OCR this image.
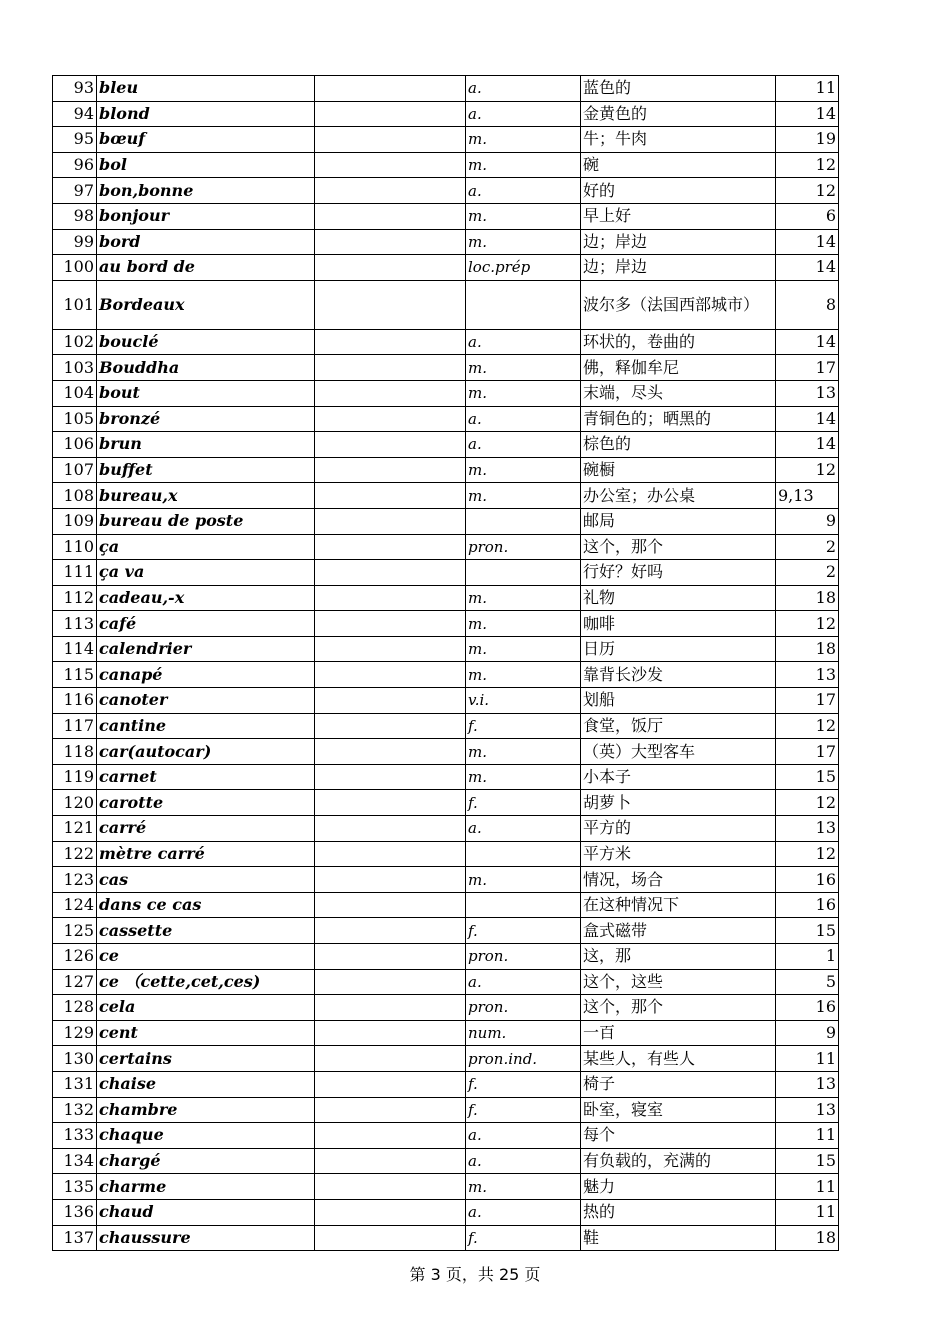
93	bleu		a.	蓝色的	11
94	blond		a.	金黄色的	14
95	bœuf		m.	牛；牛肉	19
96	bol		m.	碗	12
97	bon,bonne		a.	好的	12
98	bonjour		m.	早上好	6
99	bord		m.	边；岸边	14
100	au bord de		loc.prép	边；岸边	14
101	Bordeaux			波尔多（法国西部城市）	8
102	bouclé		a.	环状的，卷曲的	14
103	Bouddha		m.	佛，释伽牟尼	17
104	bout		m.	末端，尽头	13
105	bronzé		a.	青铜色的；晒黑的	14
106	brun		a.	棕色的	14
107	buffet		m.	碗橱	12
108	bureau,x		m.	办公室；办公桌	9,13
109	bureau de poste			邮局	9
110	ça		pron.	这个，那个	2
111	ça va			行好？好吗	2
112	cadeau,-x		m.	礼物	18
113	café		m.	咖啡	12
114	calendrier		m.	日历	18
115	canapé		m.	靠背长沙发	13
116	canoter		v.i.	划船	17
117	cantine		f.	食堂，饭厅	12
118	car(autocar)		m.	（英）大型客车	17
119	carnet		m.	小本子	15
120	carotte		f.	胡萝卜	12
121	carré		a.	平方的	13
122	mètre carré			平方米	12
123	cas		m.	情况，场合	16
124	dans ce cas			在这种情况下	16
125	cassette		f.	盒式磁带	15
126	ce		pron.	这，那	1
127	ce （cette,cet,ces)		a.	这个，这些	5
128	cela		pron.	这个，那个	16
129	cent		num.	一百	9
130	certains		pron.ind.	某些人，有些人	11
131	chaise		f.	椅子	13
132	chambre		f.	卧室，寝室	13
133	chaque		a.	每个	11
134	chargé		a.	有负载的，充满的	15
135	charme		m.	魅力	11
136	chaud		a.	热的	11
137	chaussure		f.	鞋	18
第 3 页，共 25 页
